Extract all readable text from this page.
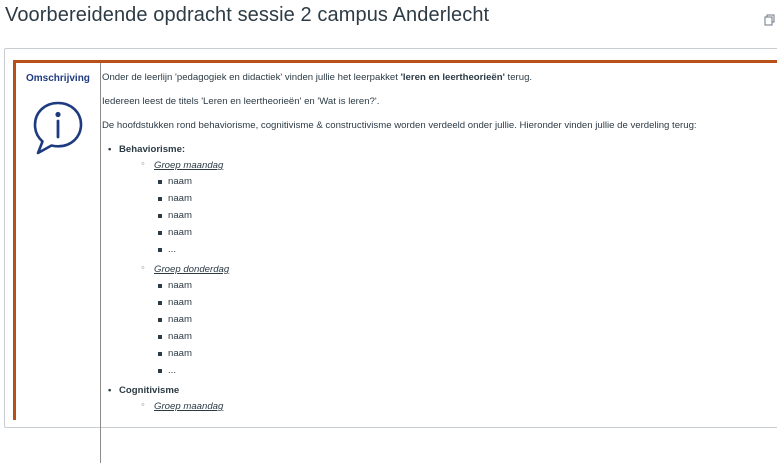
Voorbereidende opdracht sessie 2 campus Anderlecht
Omschrijving Onder de leerlijn 'pedagogiek en didactiek' vinden jullie het leerpakket 'leren en leertheorieën' terug.

Iedereen leest de titels 'Leren en leertheorieën' en 'Wat is leren?'.

De hoofdstukken rond behaviorisme, cognitivisme & constructivisme worden verdeeld onder jullie. Hieronder vinden jullie de verdeling terug:

• Behaviorisme:
◦ Groep maandag
naam
naam
naam
naam
...
◦ Groep donderdag
naam
naam
naam
naam
naam
...
• Cognitivisme
◦ Groep maandag
